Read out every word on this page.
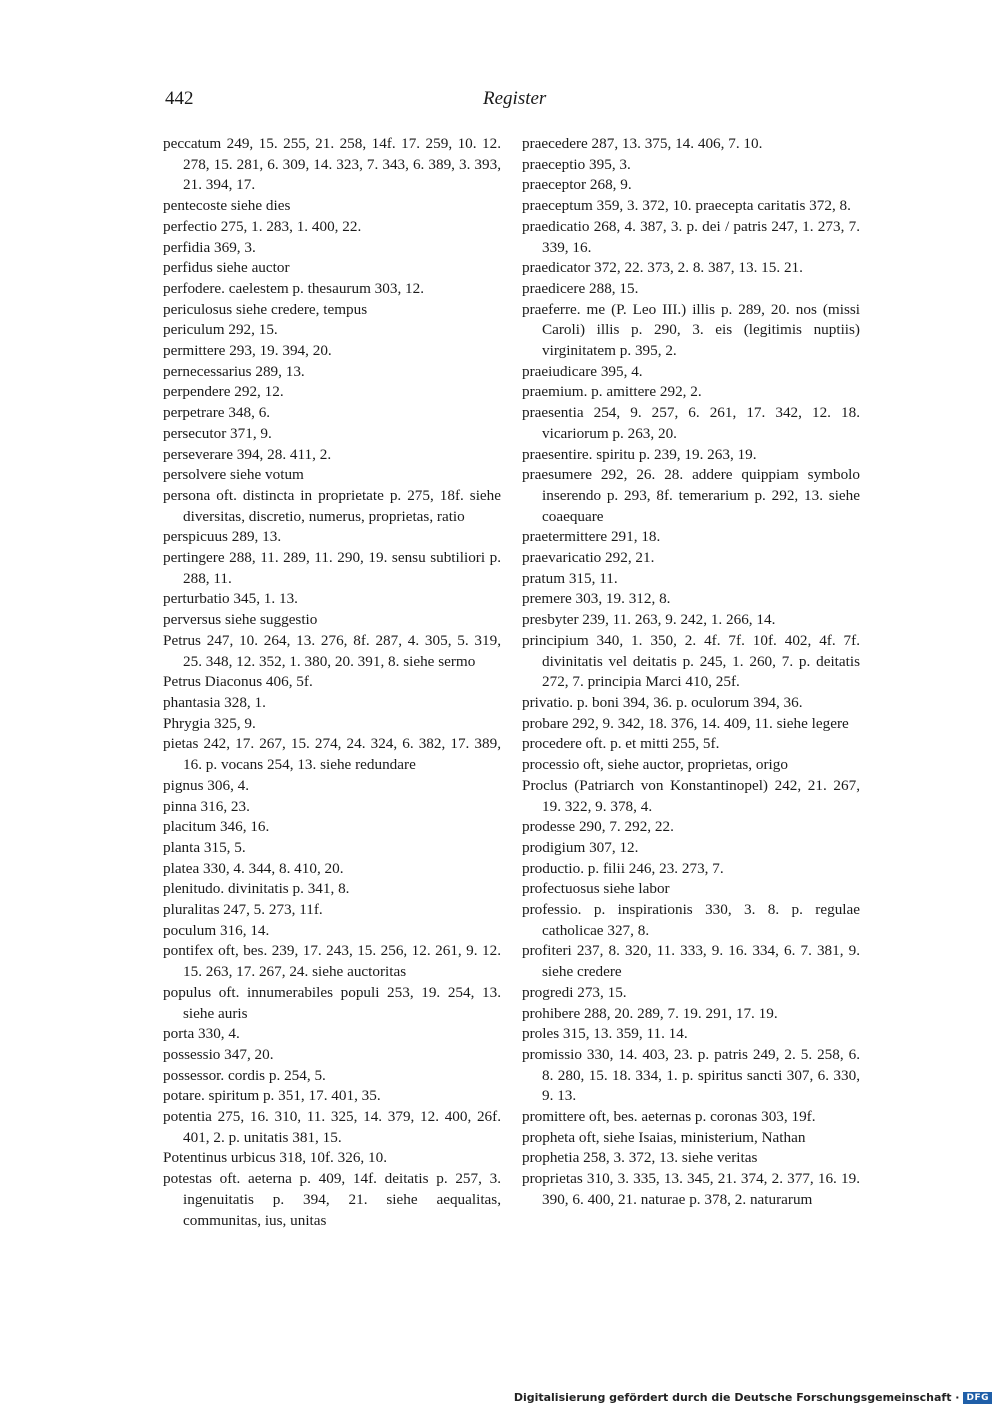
442	Register

peccatum 249, 15. 255, 21. 258, 14f. 17. 259, 10. 12. 278, 15. 281, 6. 309, 14. 323, 7. 343, 6. 389, 3. 393, 21. 394, 17.

pentecoste siehe dies

perfectio 275, 1. 283, 1. 400, 22.

perfidia 369, 3.

perfidus siehe auctor

perfodere. caelestem p. thesaurum 303, 12.

periculosus siehe credere, tempus

periculum 292, 15.

permittere 293, 19. 394, 20.

pernecessarius 289, 13.

perpendere 292, 12.

perpetrare 348, 6.

persecutor 371, 9.

perseverare 394, 28. 411, 2.

persolvere siehe votum

persona oft. distincta in proprietate p. 275, 18f. siehe diversitas, discretio, numerus, proprietas, ratio

perspicuus 289, 13.

pertingere 288, 11. 289, 11. 290, 19. sensu subtiliori p. 288, 11.

perturbatio 345, 1. 13.

perversus siehe suggestio

Petrus 247, 10. 264, 13. 276, 8f. 287, 4. 305, 5. 319, 25. 348, 12. 352, 1. 380, 20. 391, 8. siehe sermo

Petrus Diaconus 406, 5f.

phantasia 328, 1.

Phrygia 325, 9.

pietas 242, 17. 267, 15. 274, 24. 324, 6. 382, 17. 389, 16. p. vocans 254, 13. siehe redundare

pignus 306, 4.

pinna 316, 23.

placitum 346, 16.

planta 315, 5.

platea 330, 4. 344, 8. 410, 20.

plenitudo. divinitatis p. 341, 8.

pluralitas 247, 5. 273, 11f.

poculum 316, 14.

pontifex oft, bes. 239, 17. 243, 15. 256, 12. 261, 9. 12. 15. 263, 17. 267, 24. siehe auctoritas

populus oft. innumerabiles populi 253, 19. 254, 13. siehe auris

porta 330, 4.

possessio 347, 20.

possessor. cordis p. 254, 5.

potare. spiritum p. 351, 17. 401, 35.

potentia 275, 16. 310, 11. 325, 14. 379, 12. 400, 26f. 401, 2. p. unitatis 381, 15.

Potentinus urbicus 318, 10f. 326, 10.

potestas oft. aeterna p. 409, 14f. deitatis p. 257, 3. ingenuitatis p. 394, 21. siehe aequalitas, communitas, ius, unitas

praecedere 287, 13. 375, 14. 406, 7. 10.

praeceptio 395, 3.

praeceptor 268, 9.

praeceptum 359, 3. 372, 10. praecepta caritatis 372, 8.

praedicatio 268, 4. 387, 3. p. dei / patris 247, 1. 273, 7. 339, 16.

praedicator 372, 22. 373, 2. 8. 387, 13. 15. 21.

praedicere 288, 15.

praeferre. me (P. Leo III.) illis p. 289, 20. nos (missi Caroli) illis p. 290, 3. eis (legitimis nuptiis) virginitatem p. 395, 2.

praeiudicare 395, 4.

praemium. p. amittere 292, 2.

praesentia 254, 9. 257, 6. 261, 17. 342, 12. 18. vicariorum p. 263, 20.

praesentire. spiritu p. 239, 19. 263, 19.

praesumere 292, 26. 28. addere quippiam symbolo inserendo p. 293, 8f. temerarium p. 292, 13. siehe coaequare

praetermittere 291, 18.

praevaricatio 292, 21.

pratum 315, 11.

premere 303, 19. 312, 8.

presbyter 239, 11. 263, 9. 242, 1. 266, 14.

principium 340, 1. 350, 2. 4f. 7f. 10f. 402, 4f. 7f. divinitatis vel deitatis p. 245, 1. 260, 7. p. deitatis 272, 7. principia Marci 410, 25f.

privatio. p. boni 394, 36. p. oculorum 394, 36.

probare 292, 9. 342, 18. 376, 14. 409, 11. siehe legere

procedere oft. p. et mitti 255, 5f.

processio oft, siehe auctor, proprietas, origo

Proclus (Patriarch von Konstantinopel) 242, 21. 267, 19. 322, 9. 378, 4.

prodesse 290, 7. 292, 22.

prodigium 307, 12.

productio. p. filii 246, 23. 273, 7.

profectuosus siehe labor

professio. p. inspirationis 330, 3. 8. p. regulae catholicae 327, 8.

profiteri 237, 8. 320, 11. 333, 9. 16. 334, 6. 7. 381, 9. siehe credere

progredi 273, 15.

prohibere 288, 20. 289, 7. 19. 291, 17. 19.

proles 315, 13. 359, 11. 14.

promissio 330, 14. 403, 23. p. patris 249, 2. 5. 258, 6. 8. 280, 15. 18. 334, 1. p. spiritus sancti 307, 6. 330, 9. 13.

promittere oft, bes. aeternas p. coronas 303, 19f.

propheta oft, siehe Isaias, ministerium, Nathan

prophetia 258, 3. 372, 13. siehe veritas

proprietas 310, 3. 335, 13. 345, 21. 374, 2. 377, 16. 19. 390, 6. 400, 21. naturae p. 378, 2. naturarum

Digitalisierung gefördert durch die Deutsche Forschungsgemeinschaft · DFG
